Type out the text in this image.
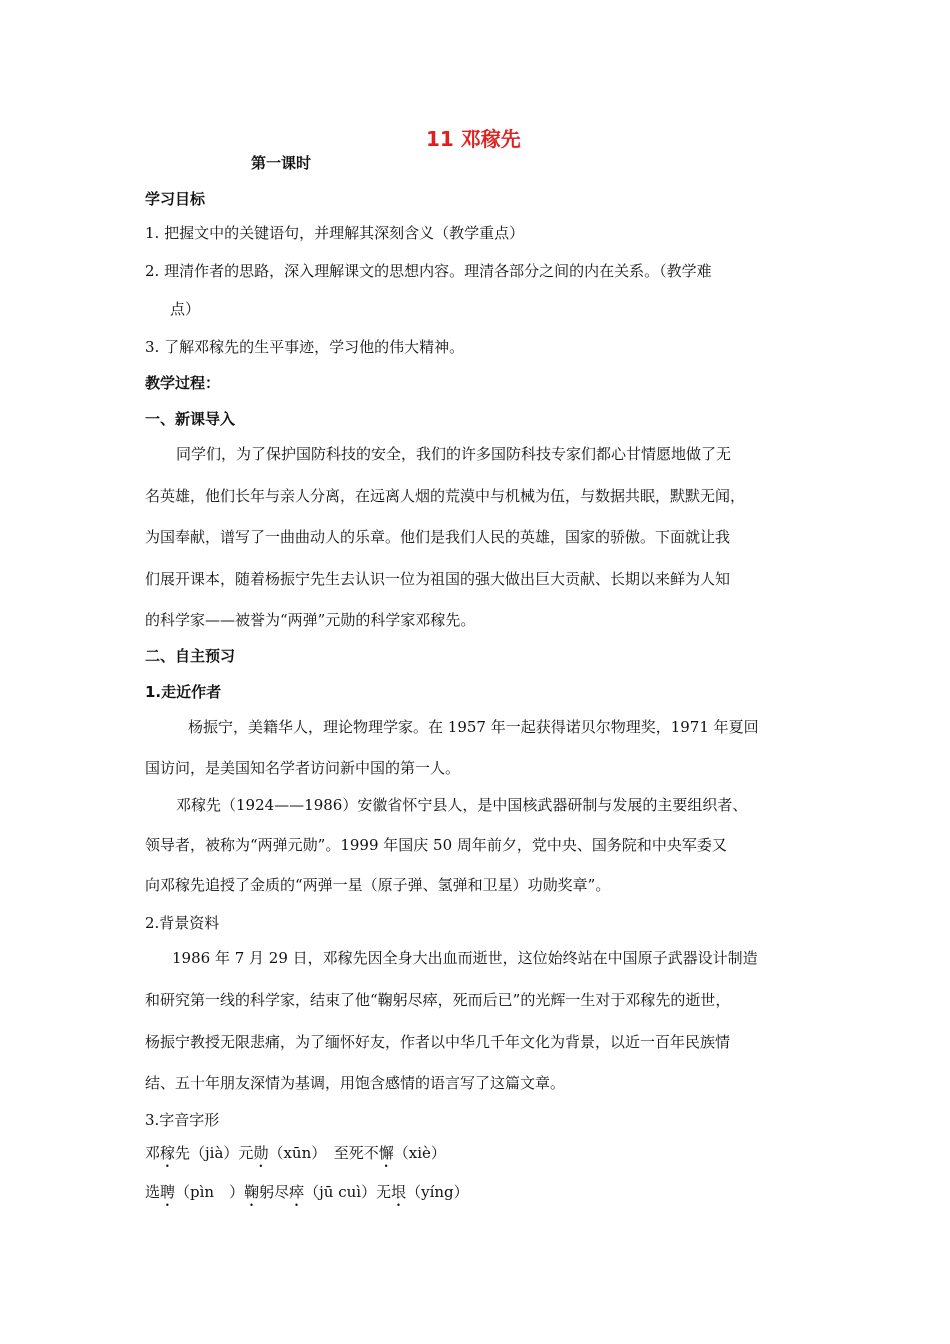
11 邓稼先
第一课时
学习目标
1. 把握文中的关键语句，并理解其深刻含义（教学重点）
2. 理清作者的思路，深入理解课文的思想内容。理清各部分之间的内在关系。（教学难
点）
3. 了解邓稼先的生平事迹，学习他的伟大精神。
教学过程：
一、新课导入
同学们，为了保护国防科技的安全，我们的许多国防科技专家们都心甘情愿地做了无
名英雄，他们长年与亲人分离，在远离人烟的荒漠中与机械为伍，与数据共眠，默默无闻，
为国奉献，谱写了一曲曲动人的乐章。他们是我们人民的英雄，国家的骄傲。下面就让我
们展开课本，随着杨振宁先生去认识一位为祖国的强大做出巨大贡献、长期以来鲜为人知
的科学家——被誉为“两弹”元勋的科学家邓稼先。
二、自主预习
1.走近作者
杨振宁，美籍华人，理论物理学家。在 1957 年一起获得诺贝尔物理奖，1971 年夏回
国访问，是美国知名学者访问新中国的第一人。
邓稼先（1924——1986）安徽省怀宁县人，是中国核武器研制与发展的主要组织者、
领导者，被称为“两弹元勋”。1999 年国庆 50 周年前夕，党中央、国务院和中央军委又
向邓稼先追授了金质的“两弹一星（原子弹、氢弹和卫星）功勋奖章”。
2.背景资料
1986 年 7 月 29 日，邓稼先因全身大出血而逝世，这位始终站在中国原子武器设计制造
和研究第一线的科学家，结束了他“鞠躬尽瘁，死而后已”的光辉一生对于邓稼先的逝世，
杨振宁教授无限悲痛，为了缅怀好友，作者以中华几千年文化为背景，以近一百年民族情
结、五十年朋友深情为基调，用饱含感情的语言写了这篇文章。
3.字音字形
邓稼先（jià）元勋（xūn）　至死不懈（xiè）
选聘（pìn　）鞠躬尽瘁（jū cuì）无垠（yíng）
